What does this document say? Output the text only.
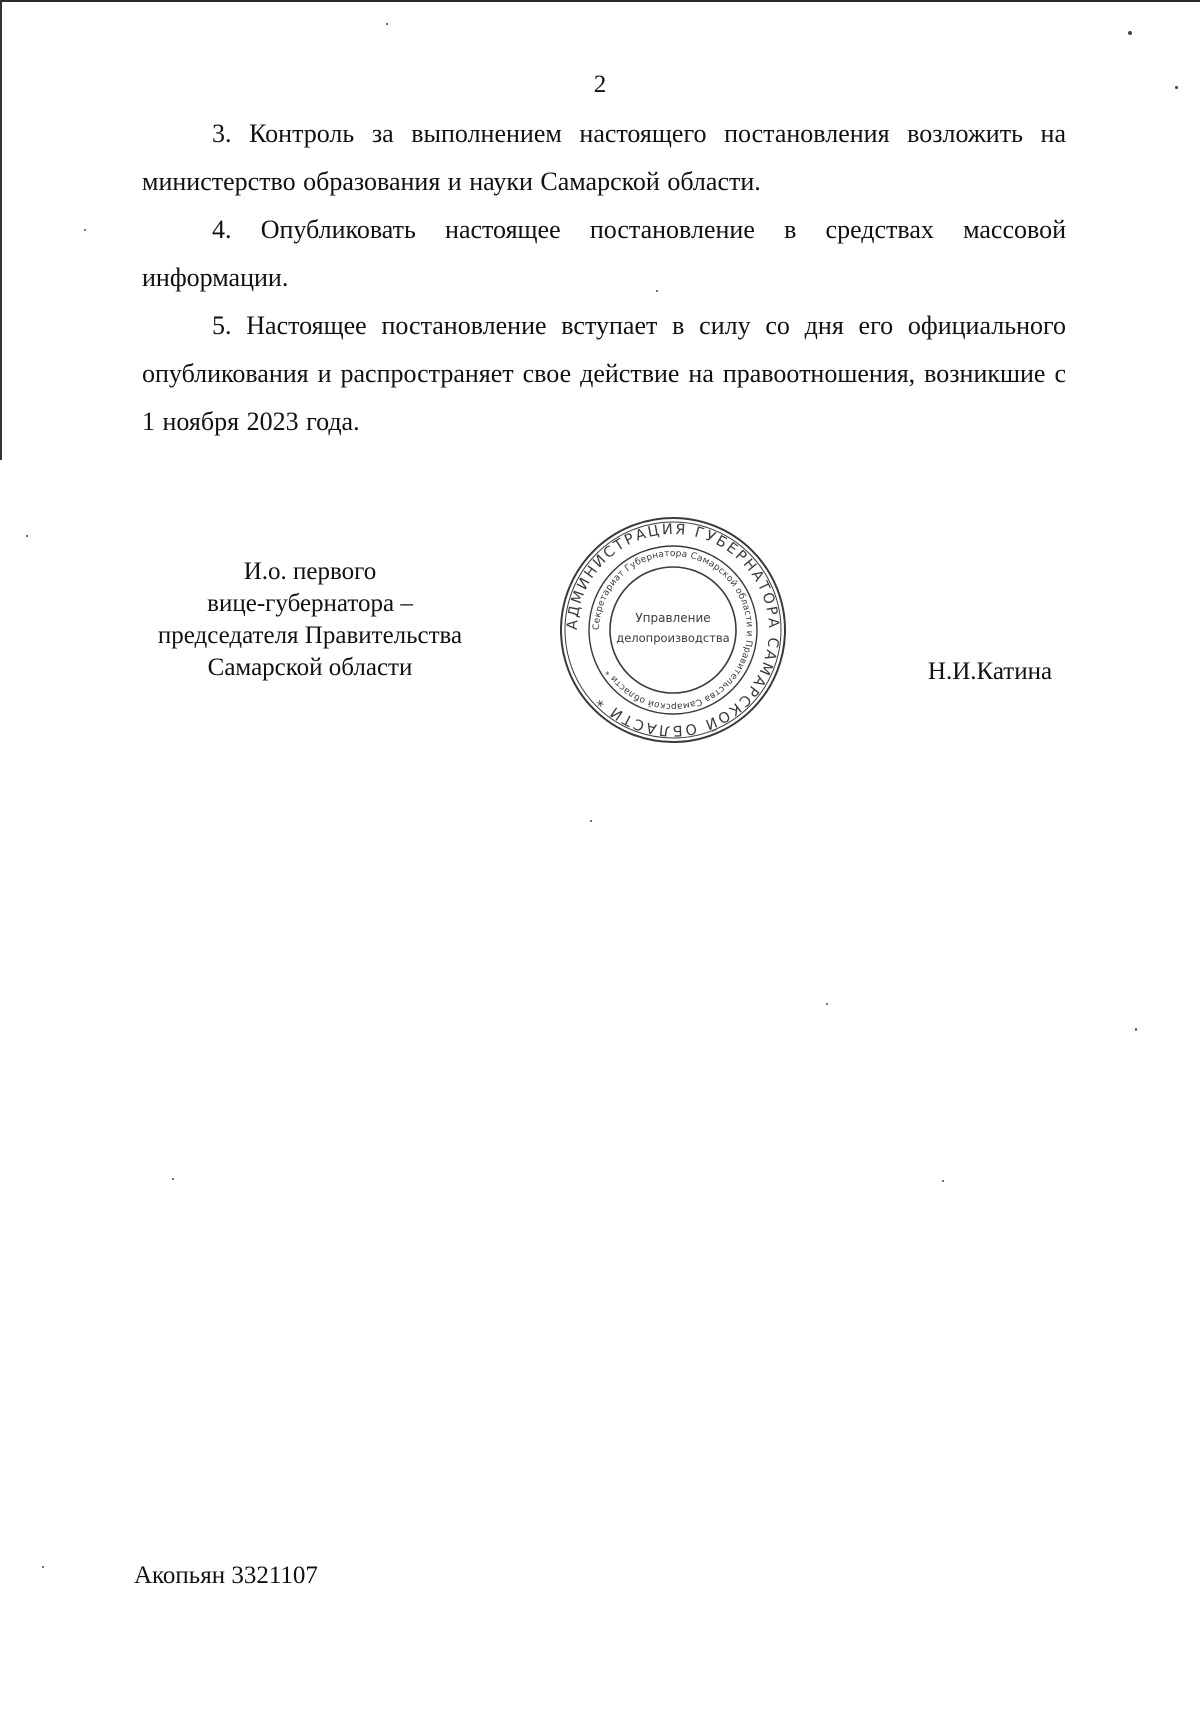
2

3. Контроль за выполнением настоящего постановления возложить на министерство образования и науки Самарской области.

4. Опубликовать настоящее постановление в средствах массовой информации.

5. Настоящее постановление вступает в силу со дня его официального опубликования и распространяет свое действие на правоотношения, возникшие с 1 ноября 2023 года.

И.о. первого
вице-губернатора –
председателя Правительства
Самарской области
АДМИНИСТРАЦИЯ ГУБЕРНАТОРА САМАРСКОЙ ОБЛАСТИ *
Секретариат Губернатора Самарской области и Правительства Самарской области *
Управление
делопроизводства
Н.И.Катина
Акопьян 3321107
